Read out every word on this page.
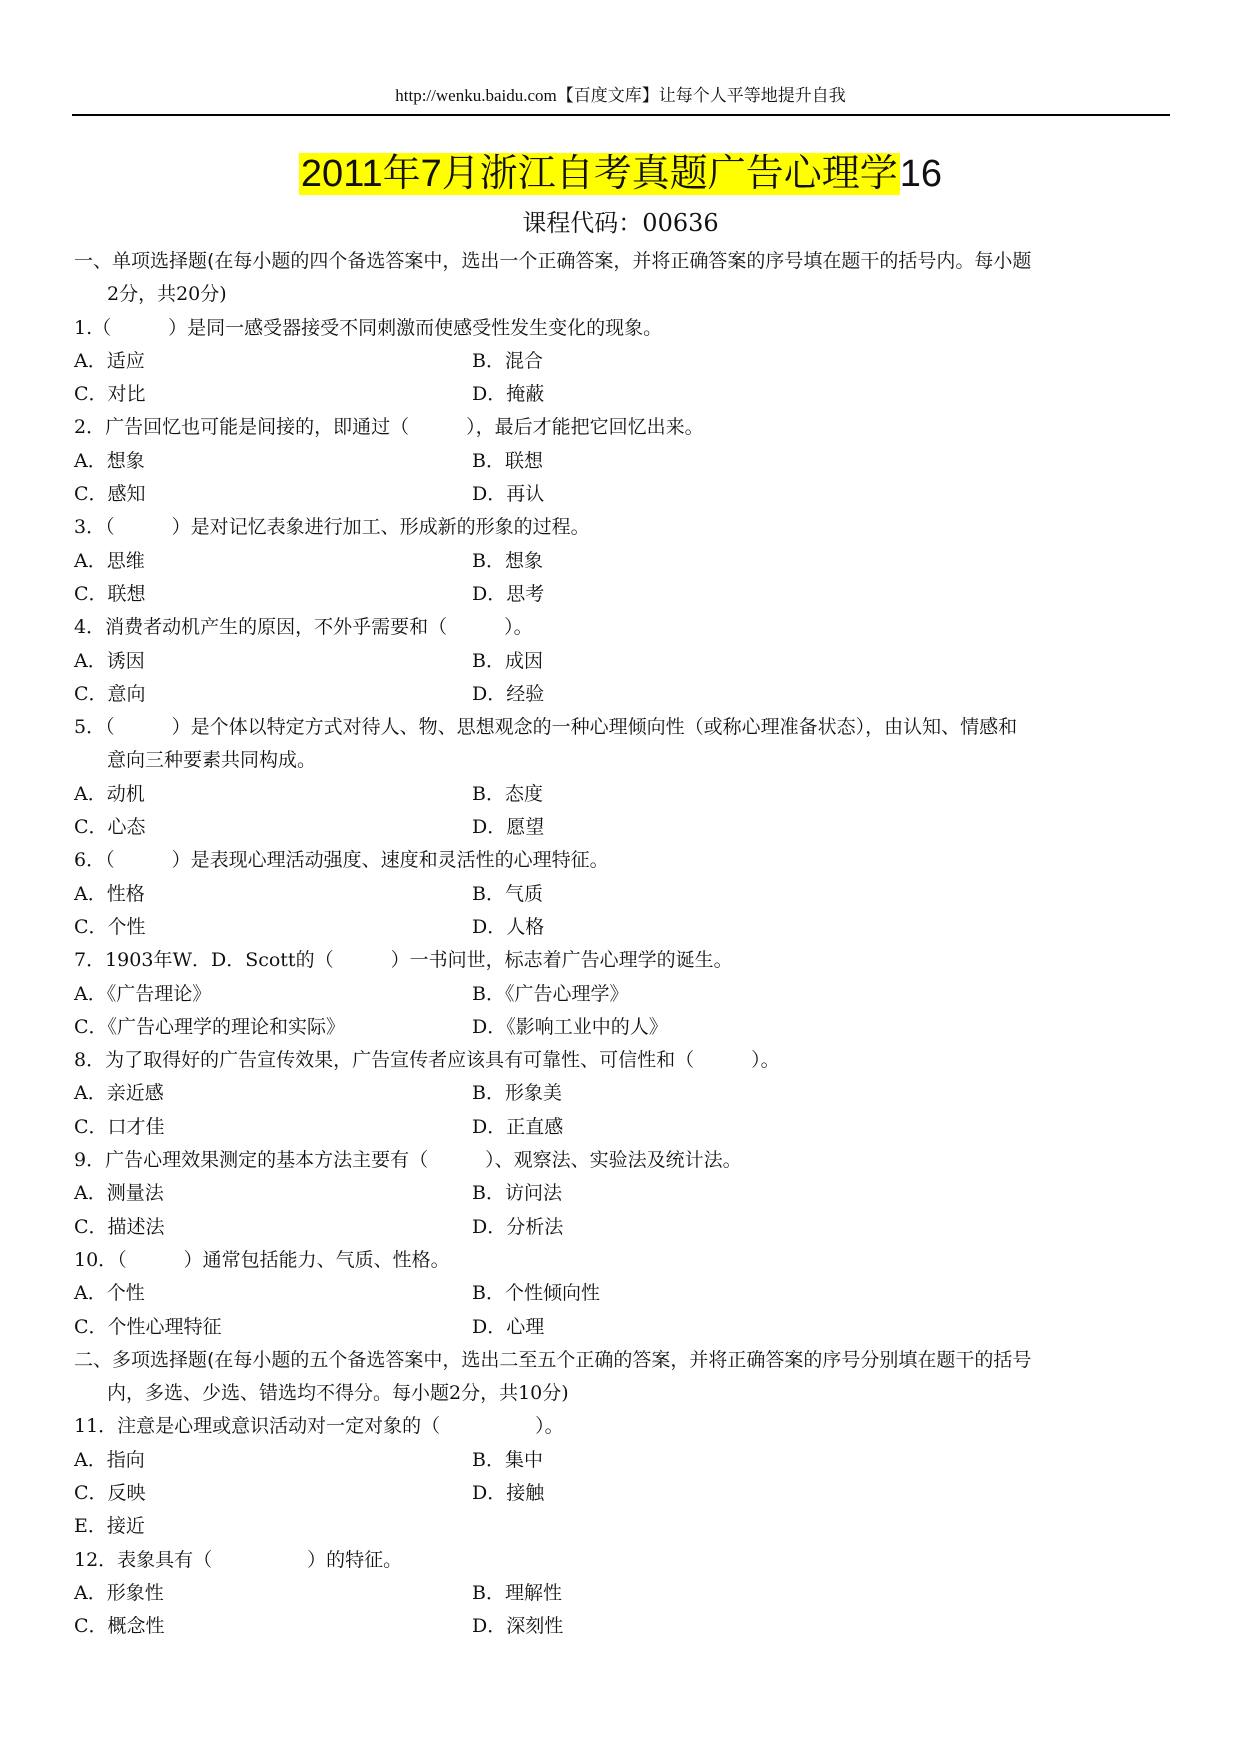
http://wenku.baidu.com【百度文库】让每个人平等地提升自我
2011年7月浙江自考真题广告心理学16
课程代码：00636
一、单项选择题(在每小题的四个备选答案中，选出一个正确答案，并将正确答案的序号填在题干的括号内。每小题
2分，共20分)
1.（　　　）是同一感受器接受不同刺激而使感受性发生变化的现象。
A．适应	B．混合
C．对比	D．掩蔽
2．广告回忆也可能是间接的，即通过（　　　），最后才能把它回忆出来。
A．想象	B．联想
C．感知	D．再认
3．（　　　）是对记忆表象进行加工、形成新的形象的过程。
A．思维	B．想象
C．联想	D．思考
4．消费者动机产生的原因，不外乎需要和（　　　）。
A．诱因	B．成因
C．意向	D．经验
5．（　　　）是个体以特定方式对待人、物、思想观念的一种心理倾向性（或称心理准备状态），由认知、情感和
意向三种要素共同构成。
A．动机	B．态度
C．心态	D．愿望
6．（　　　）是表现心理活动强度、速度和灵活性的心理特征。
A．性格	B．气质
C．个性	D．人格
7．1903年W．D．Scott的（　　　）一书问世，标志着广告心理学的诞生。
A．《广告理论》	B．《广告心理学》
C．《广告心理学的理论和实际》	D．《影响工业中的人》
8．为了取得好的广告宣传效果，广告宣传者应该具有可靠性、可信性和（　　　）。
A．亲近感	B．形象美
C．口才佳	D．正直感
9．广告心理效果测定的基本方法主要有（　　　）、观察法、实验法及统计法。
A．测量法	B．访问法
C．描述法	D．分析法
10．（　　　）通常包括能力、气质、性格。
A．个性	B．个性倾向性
C．个性心理特征	D．心理
二、多项选择题(在每小题的五个备选答案中，选出二至五个正确的答案，并将正确答案的序号分别填在题干的括号
内，多选、少选、错选均不得分。每小题2分，共10分)
11．注意是心理或意识活动对一定对象的（　　　　　）。
A．指向	B．集中
C．反映	D．接触
E．接近
12．表象具有（　　　　　）的特征。
A．形象性	B．理解性
C．概念性	D．深刻性
